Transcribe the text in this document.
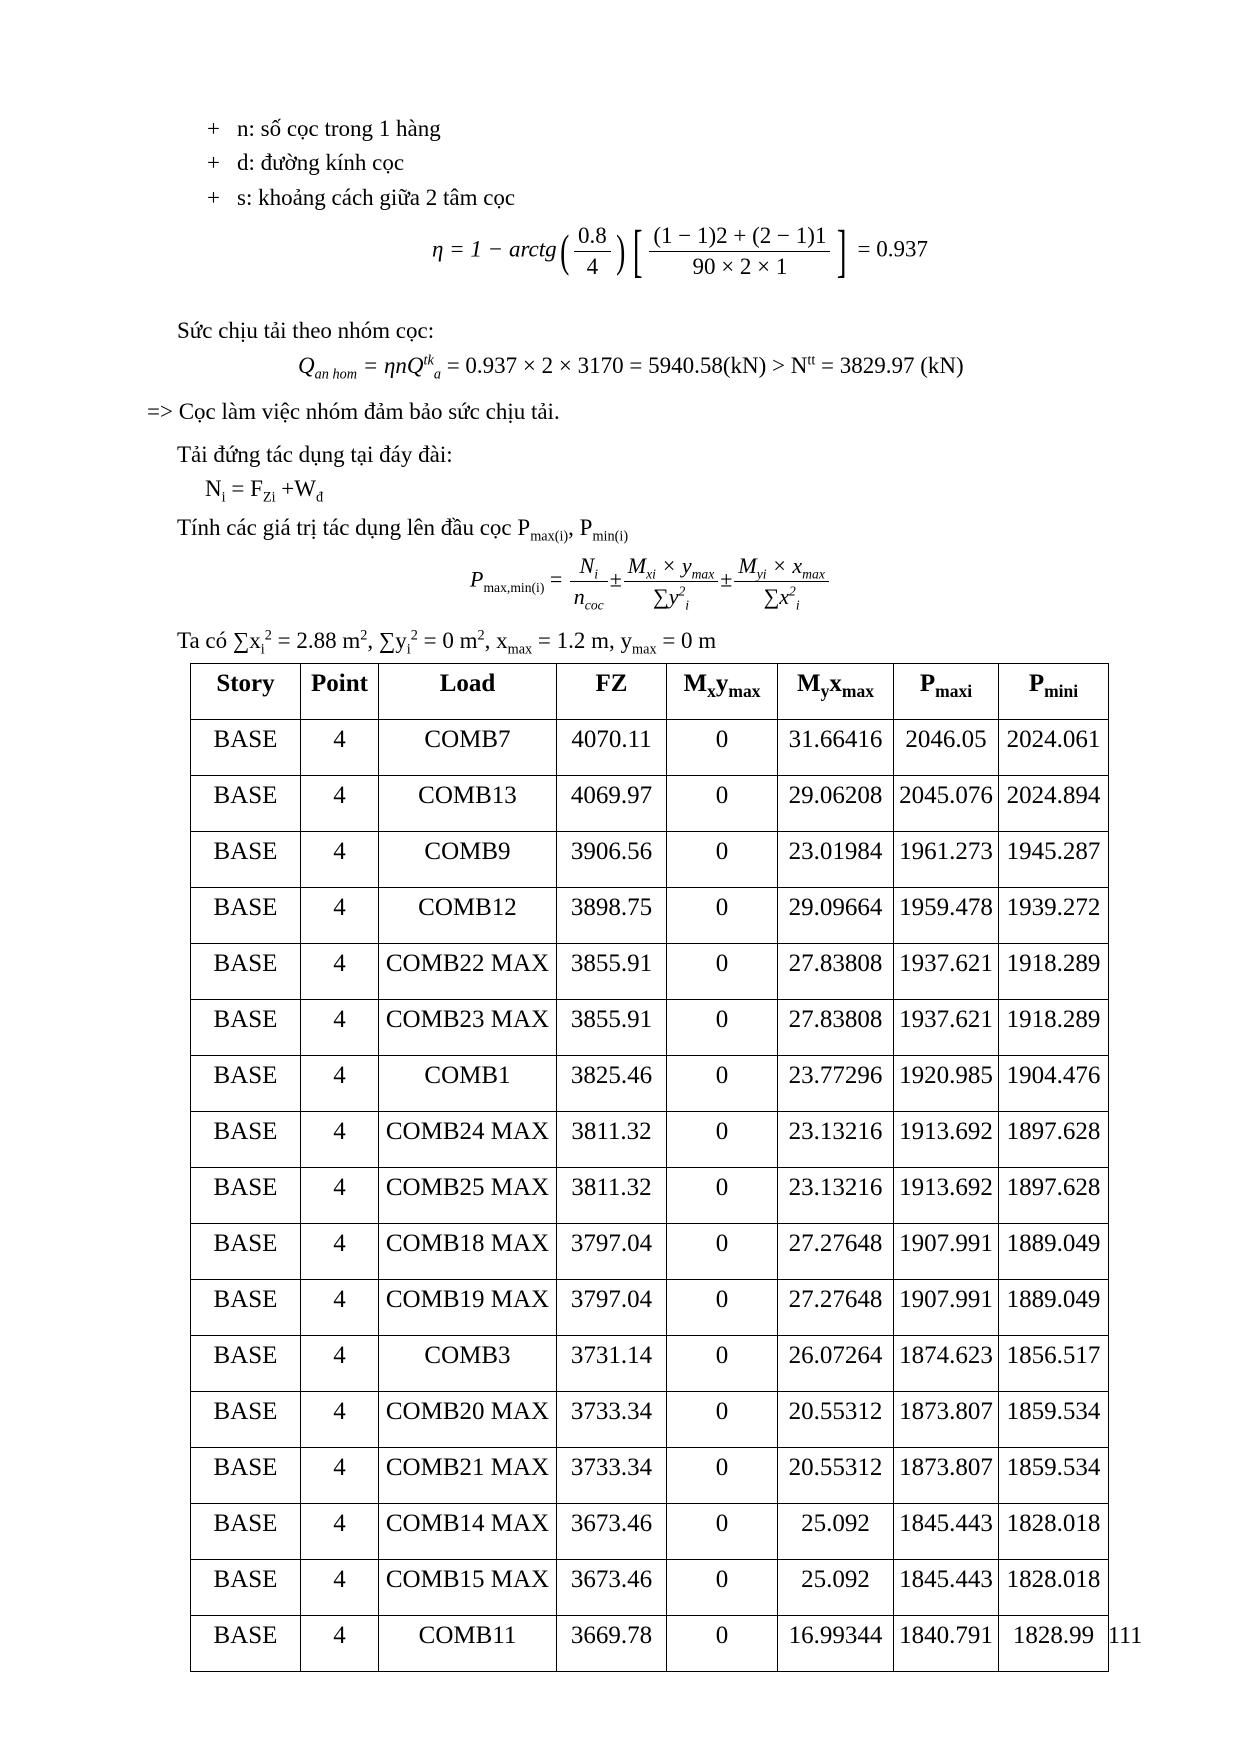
+ n: số cọc trong 1 hàng
+ d: đường kính cọc
+ s: khoảng cách giữa 2 tâm cọc
η = 1 − arctg( $\frac{0.8}{4}$ ) [ $\frac{(1 - 1)2 + (2 - 1)1}{90 \times 2 \times 1}$ ] = 0.937
Sức chịu tải theo nhóm cọc:
$Q_{an hom} = \eta nQ^{tk}_a = 0.937 \times 2 \times 3170 = 5940.58(kN) > N^{tt} = 3829.97$ (kN)
=> Cọc làm việc nhóm đảm bảo sức chịu tải.
Tải đứng tác dụng tại đáy đài:
$N_i = F_{Zi} +W_đ$
Tính các giá trị tác dụng lên đầu cọc $P_{max(i)}$, $P_{min(i)}$
$P_{max,min(i)} = \frac{N_i}{n_{coc}} \pm \frac{M_{xi} \times y_{max}}{\sum y^2_i} \pm \frac{M_{yi} \times x_{max}}{\sum x^2_i}$
Ta có $\sum x_i^2 = 2.88$ $m^2$, $\sum y_i^2 = 0$ $m^2$, $x_{max} = 1.2$ m, $y_{max} = 0$ m
Story	Point	Load	FZ	$M_xy_{max}$	$M_yx_{max}$	$P_{maxi}$	$P_{mini}$
BASE	4	COMB7	4070.11	0	31.66416	2046.05	2024.061
BASE	4	COMB13	4069.97	0	29.06208	2045.076	2024.894
BASE	4	COMB9	3906.56	0	23.01984	1961.273	1945.287
BASE	4	COMB12	3898.75	0	29.09664	1959.478	1939.272
BASE	4	COMB22 MAX	3855.91	0	27.83808	1937.621	1918.289
BASE	4	COMB23 MAX	3855.91	0	27.83808	1937.621	1918.289
BASE	4	COMB1	3825.46	0	23.77296	1920.985	1904.476
BASE	4	COMB24 MAX	3811.32	0	23.13216	1913.692	1897.628
BASE	4	COMB25 MAX	3811.32	0	23.13216	1913.692	1897.628
BASE	4	COMB18 MAX	3797.04	0	27.27648	1907.991	1889.049
BASE	4	COMB19 MAX	3797.04	0	27.27648	1907.991	1889.049
BASE	4	COMB3	3731.14	0	26.07264	1874.623	1856.517
BASE	4	COMB20 MAX	3733.34	0	20.55312	1873.807	1859.534
BASE	4	COMB21 MAX	3733.34	0	20.55312	1873.807	1859.534
BASE	4	COMB14 MAX	3673.46	0	25.092	1845.443	1828.018
BASE	4	COMB15 MAX	3673.46	0	25.092	1845.443	1828.018
BASE	4	COMB11	3669.78	0	16.99344	1840.791	1828.99 111
